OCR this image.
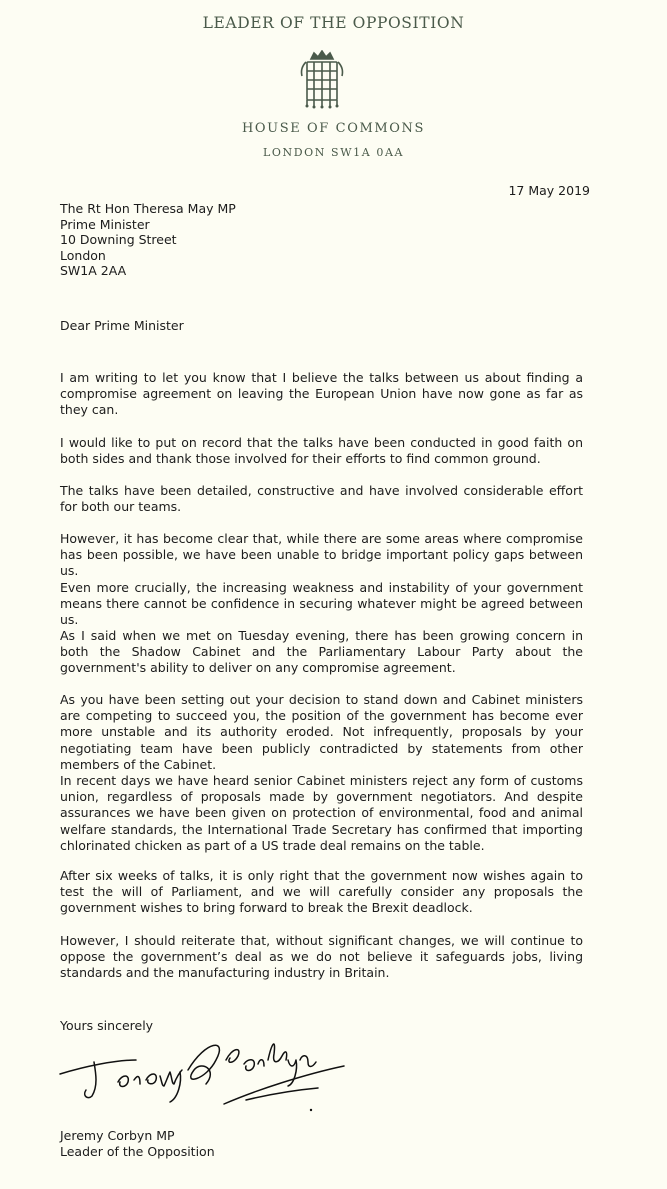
LEADER OF THE OPPOSITION
HOUSE OF COMMONS
LONDON SW1A 0AA
17 May 2019
The Rt Hon Theresa May MP
Prime Minister
10 Downing Street
London
SW1A 2AA
Dear Prime Minister
I am writing to let you know that I believe the talks between us about finding a compromise agreement on leaving the European Union have now gone as far as they can.
I would like to put on record that the talks have been conducted in good faith on both sides and thank those involved for their efforts to find common ground.
The talks have been detailed, constructive and have involved considerable effort for both our teams.
However, it has become clear that, while there are some areas where compromise has been possible, we have been unable to bridge important policy gaps between us.
Even more crucially, the increasing weakness and instability of your government means there cannot be confidence in securing whatever might be agreed between us.
As I said when we met on Tuesday evening, there has been growing concern in both the Shadow Cabinet and the Parliamentary Labour Party about the government's ability to deliver on any compromise agreement.
As you have been setting out your decision to stand down and Cabinet ministers are competing to succeed you, the position of the government has become ever more unstable and its authority eroded. Not infrequently, proposals by your negotiating team have been publicly contradicted by statements from other members of the Cabinet.
In recent days we have heard senior Cabinet ministers reject any form of customs union, regardless of proposals made by government negotiators. And despite assurances we have been given on protection of environmental, food and animal welfare standards, the International Trade Secretary has confirmed that importing chlorinated chicken as part of a US trade deal remains on the table.
After six weeks of talks, it is only right that the government now wishes again to test the will of Parliament, and we will carefully consider any proposals the government wishes to bring forward to break the Brexit deadlock.
However, I should reiterate that, without significant changes, we will continue to oppose the government’s deal as we do not believe it safeguards jobs, living standards and the manufacturing industry in Britain.
Yours sincerely
Jeremy Corbyn MP
Leader of the Opposition
